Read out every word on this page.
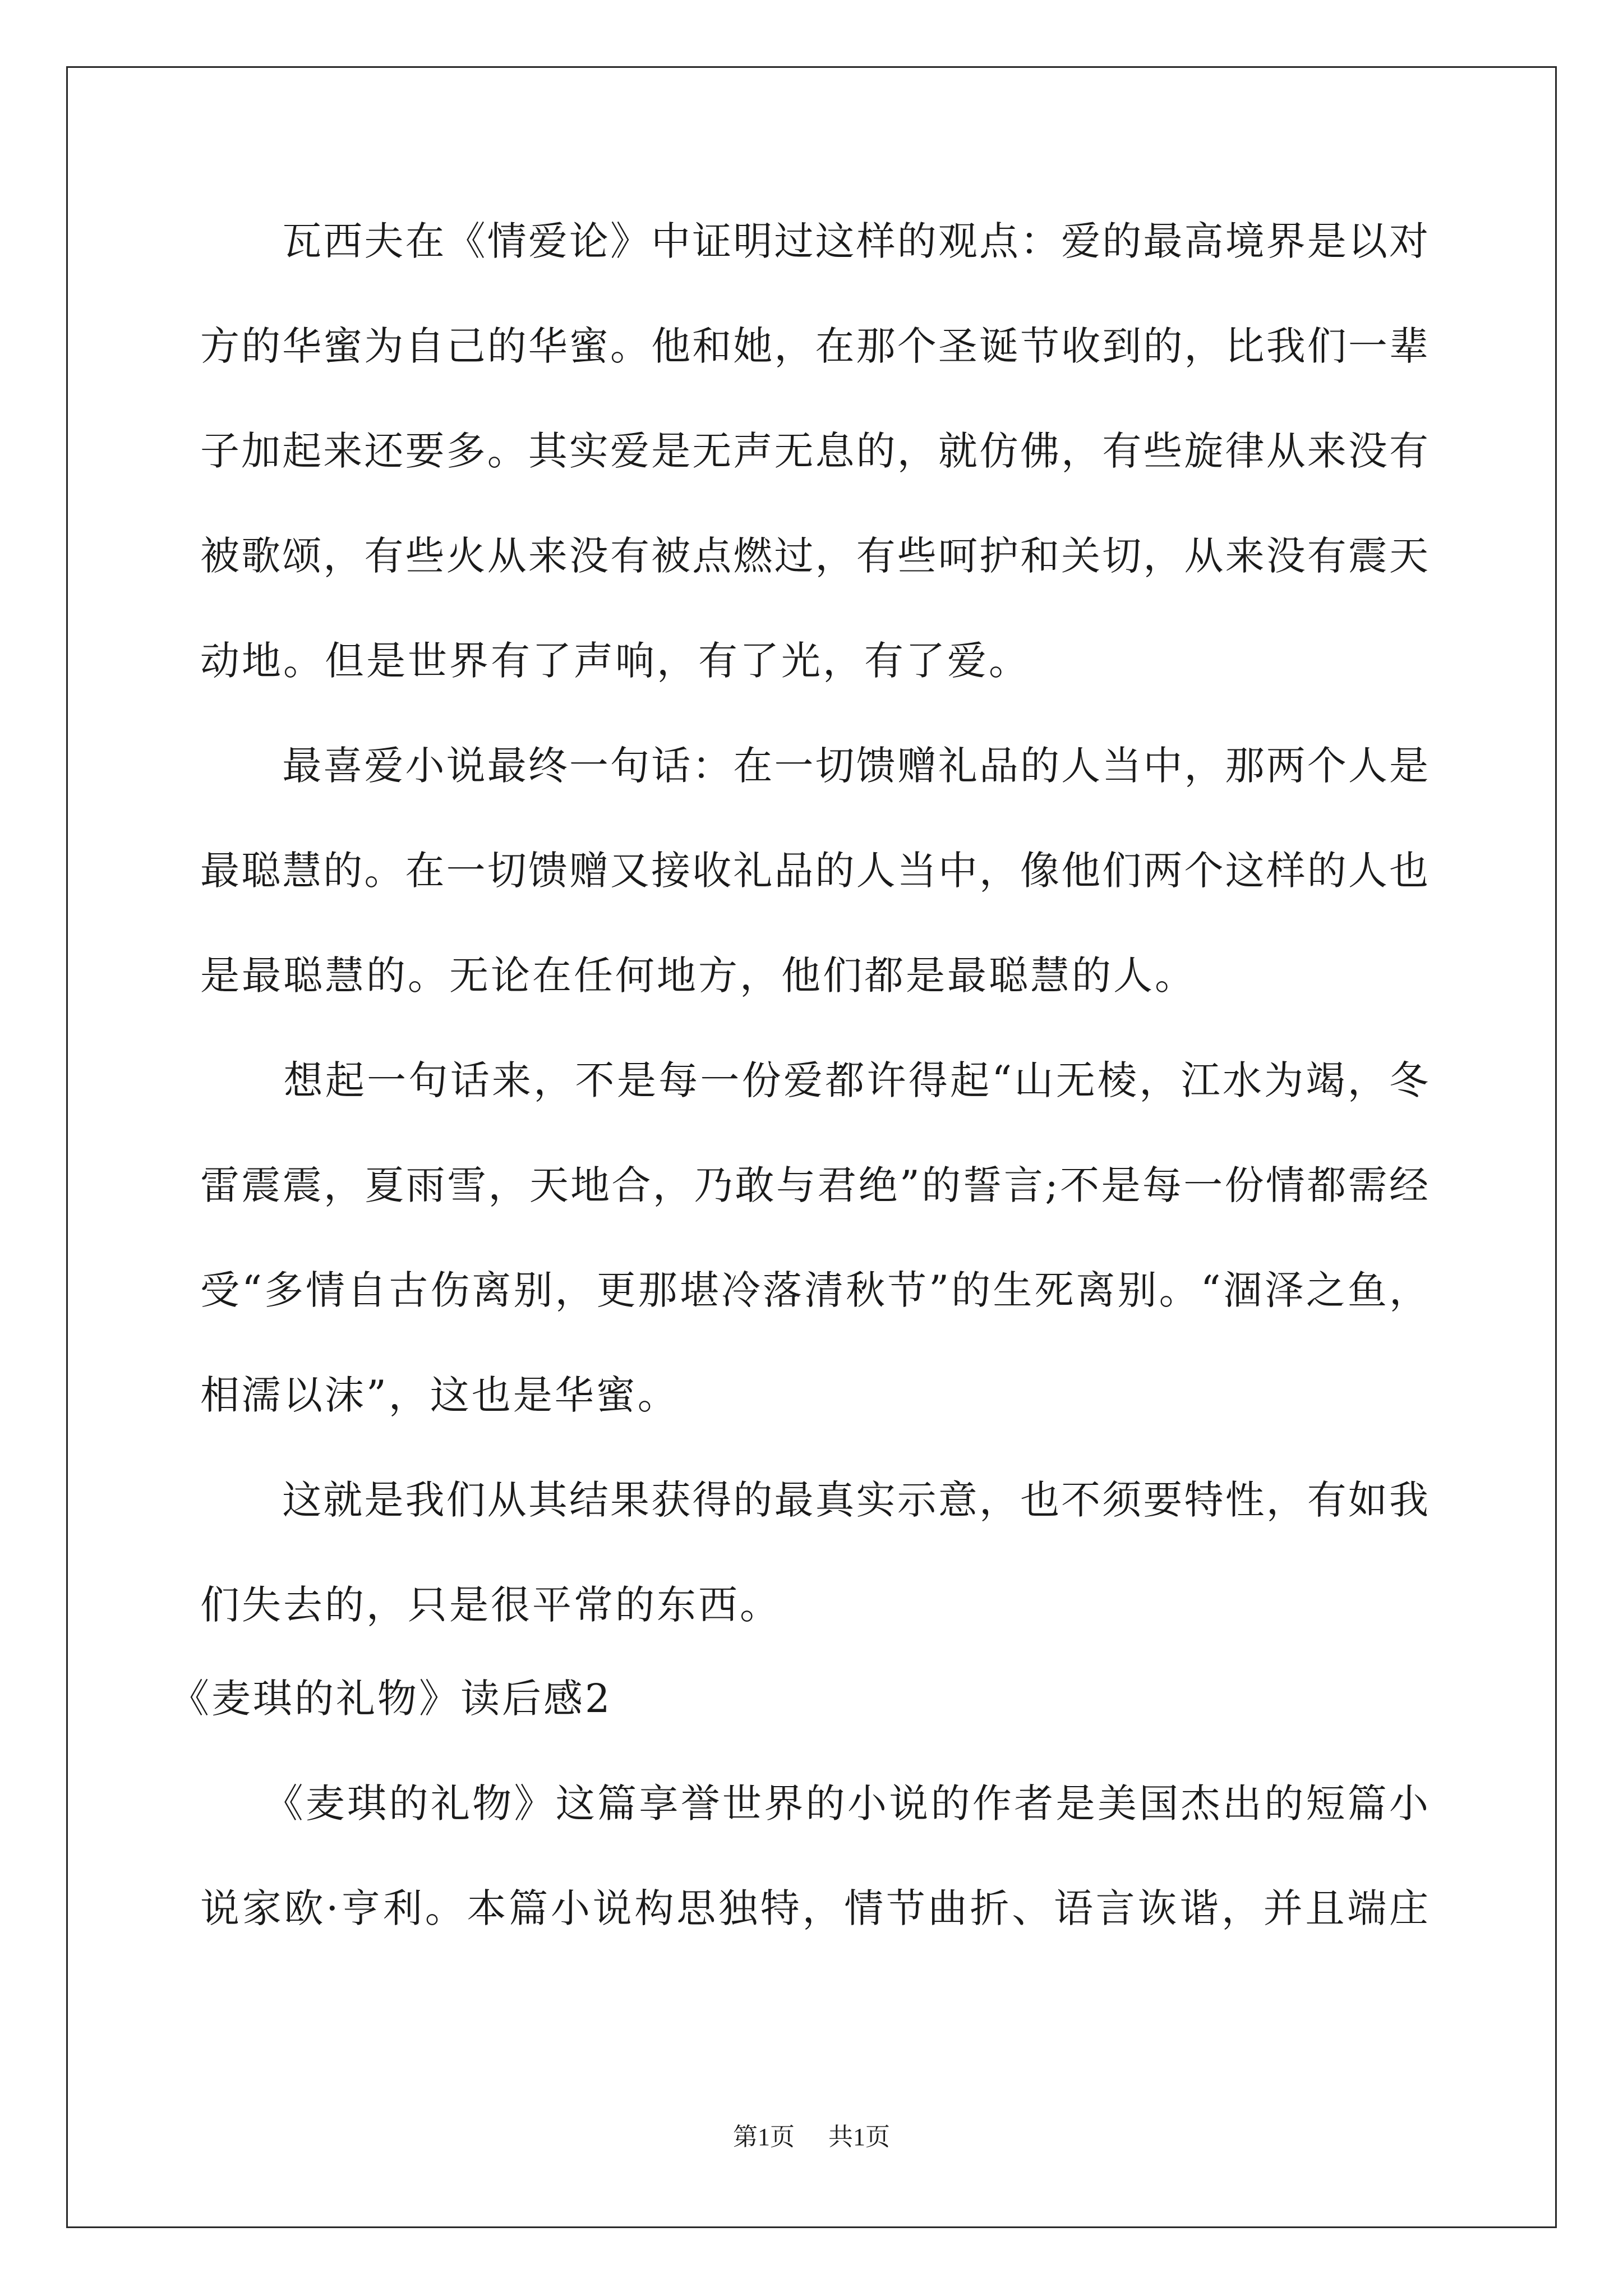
　　瓦西夫在《情爱论》中证明过这样的观点：爱的最高境界是以对
方的华蜜为自己的华蜜。他和她，在那个圣诞节收到的，比我们一辈
子加起来还要多。其实爱是无声无息的，就仿佛，有些旋律从来没有
被歌颂，有些火从来没有被点燃过，有些呵护和关切，从来没有震天
动地。但是世界有了声响，有了光，有了爱。
　　最喜爱小说最终一句话：在一切馈赠礼品的人当中，那两个人是
最聪慧的。在一切馈赠又接收礼品的人当中，像他们两个这样的人也
是最聪慧的。无论在任何地方，他们都是最聪慧的人。
　　想起一句话来，不是每一份爱都许得起“山无棱，江水为竭，冬
雷震震，夏雨雪，天地合，乃敢与君绝”的誓言;不是每一份情都需经
受“多情自古伤离别，更那堪冷落清秋节”的生死离别。“涸泽之鱼，
相濡以沫”，这也是华蜜。
　　这就是我们从其结果获得的最真实示意，也不须要特性，有如我
们失去的，只是很平常的东西。
《麦琪的礼物》读后感2
　　《麦琪的礼物》这篇享誉世界的小说的作者是美国杰出的短篇小
说家欧·亨利。本篇小说构思独特，情节曲折、语言诙谐，并且端庄
第1页 共1页
